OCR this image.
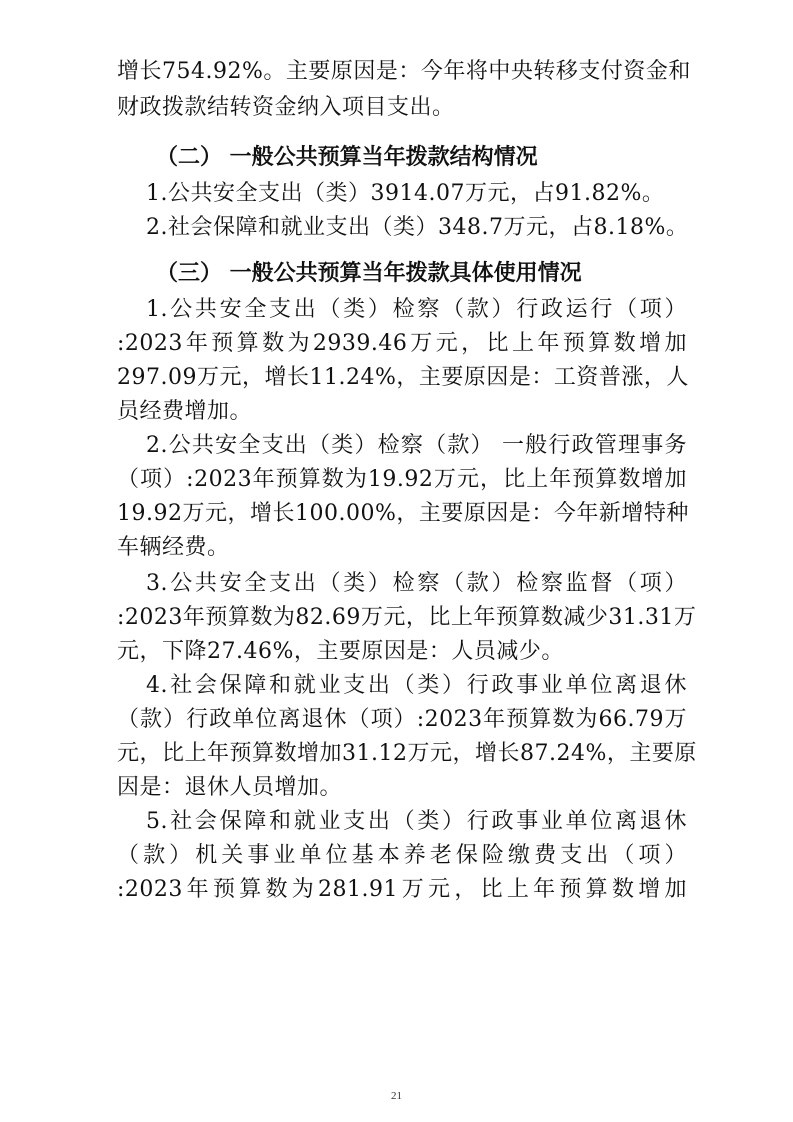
增长754.92%。主要原因是：今年将中央转移支付资金和
财政拨款结转资金纳入项目支出。
（二） 一般公共预算当年拨款结构情况
1.公共安全支出（类）3914.07万元，占91.82%。
2.社会保障和就业支出（类）348.7万元，占8.18%。
（三） 一般公共预算当年拨款具体使用情况
1.公共安全支出（类）检察（款）行政运行（项）
:2023年预算数为2939.46万元，比上年预算数增加
297.09万元，增长11.24%，主要原因是：工资普涨，人
员经费增加。
2.公共安全支出（类）检察（款） 一般行政管理事务
（项）:2023年预算数为19.92万元，比上年预算数增加
19.92万元，增长100.00%，主要原因是：今年新增特种
车辆经费。
3.公共安全支出（类）检察（款）检察监督（项）
:2023年预算数为82.69万元，比上年预算数减少31.31万
元，下降27.46%，主要原因是：人员减少。
4.社会保障和就业支出（类）行政事业单位离退休
（款）行政单位离退休（项）:2023年预算数为66.79万
元，比上年预算数增加31.12万元，增长87.24%，主要原
因是：退休人员增加。
5.社会保障和就业支出（类）行政事业单位离退休
（款）机关事业单位基本养老保险缴费支出（项）
:2023年预算数为281.91万元，比上年预算数增加
21
